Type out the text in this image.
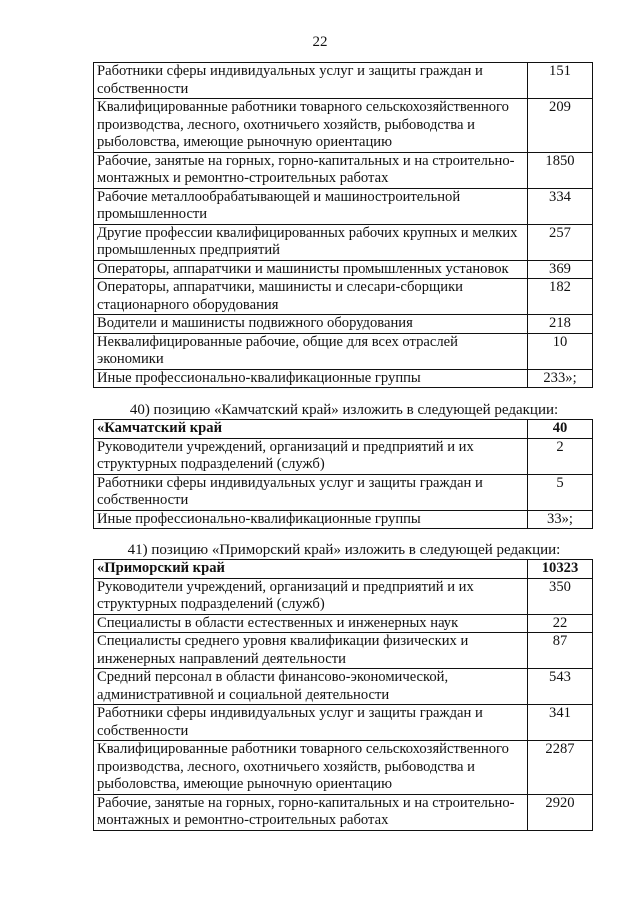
22
Работники сферы индивидуальных услуг и защиты граждан и собственности	151
Квалифицированные работники товарного сельскохозяйственного производства, лесного, охотничьего хозяйств, рыбоводства и рыболовства, имеющие рыночную ориентацию	209
Рабочие, занятые на горных, горно-капитальных и на строительно-монтажных и ремонтно-строительных работах	1850
Рабочие металлообрабатывающей и машиностроительной промышленности	334
Другие профессии квалифицированных рабочих крупных и мелких промышленных предприятий	257
Операторы, аппаратчики и машинисты промышленных установок	369
Операторы, аппаратчики, машинисты и слесари-сборщики стационарного оборудования	182
Водители и машинисты подвижного оборудования	218
Неквалифицированные рабочие, общие для всех отраслей экономики	10
Иные профессионально-квалификационные группы	233»;
40) позицию «Камчатский край» изложить в следующей редакции:
«Камчатский край	40
Руководители учреждений, организаций и предприятий и их структурных подразделений (служб)	2
Работники сферы индивидуальных услуг и защиты граждан и собственности	5
Иные профессионально-квалификационные группы	33»;
41) позицию «Приморский край» изложить в следующей редакции:
«Приморский край	10323
Руководители учреждений, организаций и предприятий и их структурных подразделений (служб)	350
Специалисты в области естественных и инженерных наук	22
Специалисты среднего уровня квалификации физических и инженерных направлений деятельности	87
Средний персонал в области финансово-экономической, административной и социальной деятельности	543
Работники сферы индивидуальных услуг и защиты граждан и собственности	341
Квалифицированные работники товарного сельскохозяйственного производства, лесного, охотничьего хозяйств, рыбоводства и рыболовства, имеющие рыночную ориентацию	2287
Рабочие, занятые на горных, горно-капитальных и на строительно-монтажных и ремонтно-строительных работах	2920
